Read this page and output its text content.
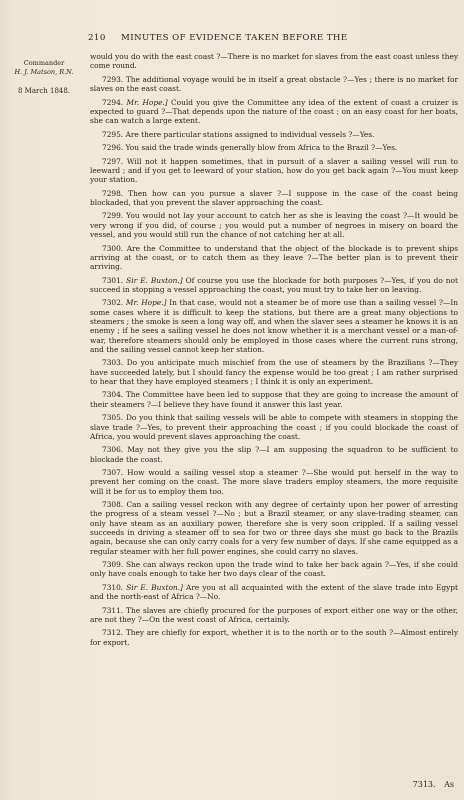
210 MINUTES OF EVIDENCE TAKEN BEFORE THE
Commander
H. J. Matson, R.N.
8 March 1848.

would you do with the east coast ?—There is no market for slaves from the east coast unless they come round.

7293. The additional voyage would be in itself a great obstacle ?—Yes ; there is no market for slaves on the east coast.

7294. Mr. Hope.] Could you give the Committee any idea of the extent of coast a cruizer is expected to guard ?—That depends upon the nature of the coast ; on an easy coast for her boats, she can watch a large extent.

7295. Are there particular stations assigned to individual vessels ?—Yes.

7296. You said the trade winds generally blow from Africa to the Brazil ?—Yes.

7297. Will not it happen sometimes, that in pursuit of a slaver a sailing vessel will run to leeward ; and if you get to leeward of your station, how do you get back again ?—You must keep your station.

7298. Then how can you pursue a slaver ?—I suppose in the case of the coast being blockaded, that you prevent the slaver approaching the coast.

7299. You would not lay your account to catch her as she is leaving the coast ?—It would be very wrong if you did, of course ; you would put a number of negroes in misery on board the vessel, and you would still run the chance of not catching her at all.

7300. Are the Committee to understand that the object of the blockade is to prevent ships arriving at the coast, or to catch them as they leave ?—The better plan is to prevent their arriving.

7301. Sir E. Buxton.] Of course you use the blockade for both purposes ?—Yes, if you do not succeed in stopping a vessel approaching the coast, you must try to take her on leaving.

7302. Mr. Hope.] In that case, would not a steamer be of more use than a sailing vessel ?—In some cases where it is difficult to keep the stations, but there are a great many objections to steamers ; the smoke is seen a long way off, and when the slaver sees a steamer he knows it is an enemy ; if he sees a sailing vessel he does not know whether it is a merchant vessel or a man-of-war, therefore steamers should only be employed in those cases where the current runs strong, and the sailing vessel cannot keep her station.

7303. Do you anticipate much mischief from the use of steamers by the Brazilians ?—They have succeeded lately, but I should fancy the expense would be too great ; I am rather surprised to hear that they have employed steamers ; I think it is only an experiment.

7304. The Committee have been led to suppose that they are going to increase the amount of their steamers ?—I believe they have found it answer this last year.

7305. Do you think that sailing vessels will be able to compete with steamers in stopping the slave trade ?—Yes, to prevent their approaching the coast ; if you could blockade the coast of Africa, you would prevent slaves approaching the coast.

7306. May not they give you the slip ?—I am supposing the squadron to be sufficient to blockade the coast.

7307. How would a sailing vessel stop a steamer ?—She would put herself in the way to prevent her coming on the coast. The more slave traders employ steamers, the more requisite will it be for us to employ them too.

7308. Can a sailing vessel reckon with any degree of certainty upon her power of arresting the progress of a steam vessel ?—No ; but a Brazil steamer, or any slave-trading steamer, can only have steam as an auxiliary power, therefore she is very soon crippled. If a sailing vessel succeeds in driving a steamer off to sea for two or three days she must go back to the Brazils again, because she can only carry coals for a very few number of days. If she came equipped as a regular steamer with her full power engines, she could carry no slaves.

7309. She can always reckon upon the trade wind to take her back again ?—Yes, if she could only have coals enough to take her two days clear of the coast.

7310. Sir E. Buxton.] Are you at all acquainted with the extent of the slave trade into Egypt and the north-east of Africa ?—No.

7311. The slaves are chiefly procured for the purposes of export either one way or the other, are not they ?—On the west coast of Africa, certainly.

7312. They are chiefly for export, whether it is to the north or to the south ?—Almost entirely for export.

7313. As
